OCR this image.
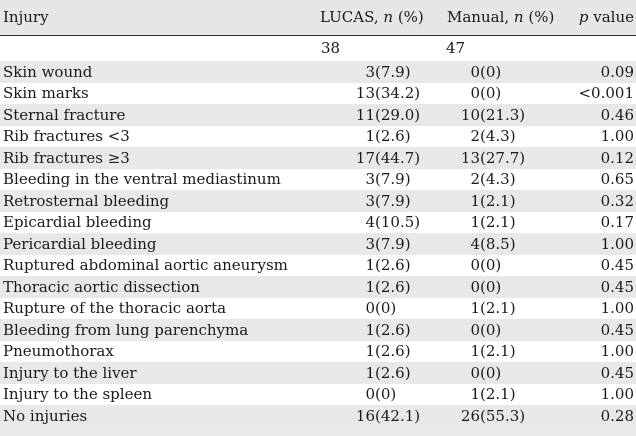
Injury	LUCAS, n (%)	Manual, n (%)	p value
	38	47	
Skin wound	3(7.9)	0(0)	0.09
Skin marks	13(34.2)	0(0)	<0.001
Sternal fracture	11(29.0)	10(21.3)	0.46
Rib fractures <3	1(2.6)	2(4.3)	1.00
Rib fractures ≥3	17(44.7)	13(27.7)	0.12
Bleeding in the ventral mediastinum	3(7.9)	2(4.3)	0.65
Retrosternal bleeding	3(7.9)	1(2.1)	0.32
Epicardial bleeding	4(10.5)	1(2.1)	0.17
Pericardial bleeding	3(7.9)	4(8.5)	1.00
Ruptured abdominal aortic aneurysm	1(2.6)	0(0)	0.45
Thoracic aortic dissection	1(2.6)	0(0)	0.45
Rupture of the thoracic aorta	0(0)	1(2.1)	1.00
Bleeding from lung parenchyma	1(2.6)	0(0)	0.45
Pneumothorax	1(2.6)	1(2.1)	1.00
Injury to the liver	1(2.6)	0(0)	0.45
Injury to the spleen	0(0)	1(2.1)	1.00
No injuries	16(42.1)	26(55.3)	0.28
